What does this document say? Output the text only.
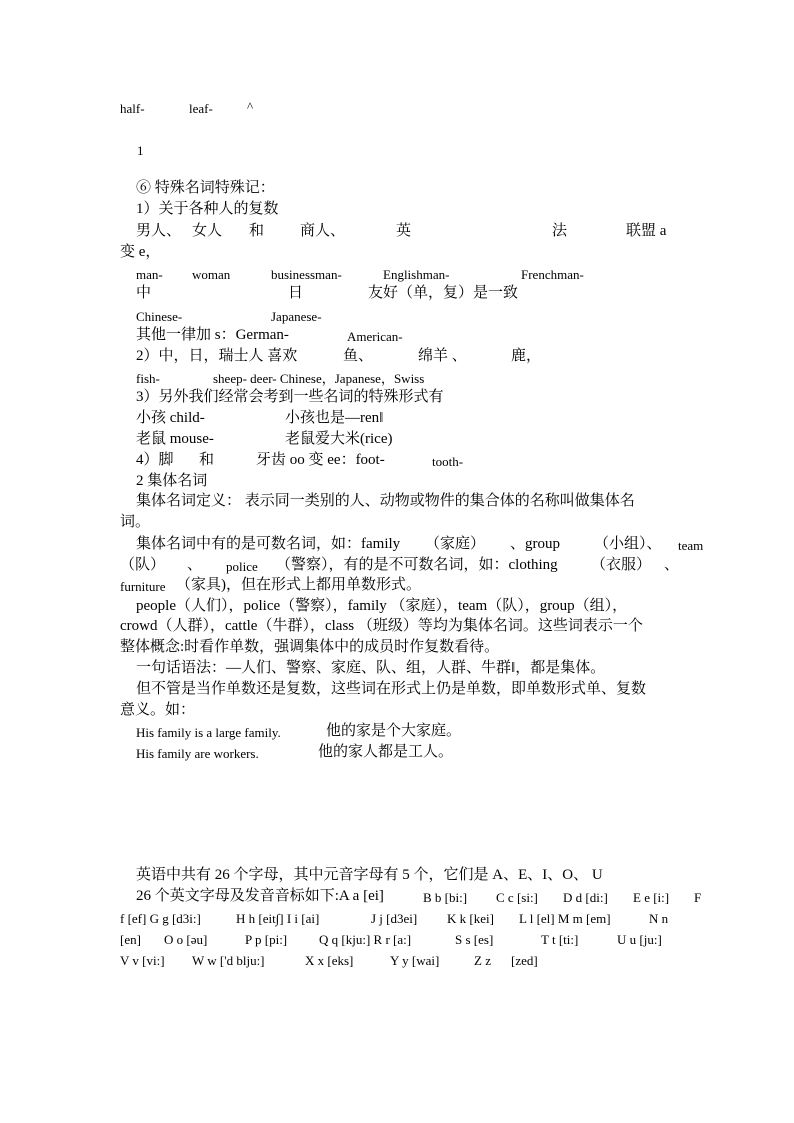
half-	leaf-	^
1
⑥ 特殊名词特殊记：
1）关于各种人的复数
男人、 女人 和 商人、	英	法	联盟 a
变 e，
man- woman	businessman-	Englishman-	Frenchman-
中	日	友好（单，复）是一致
Chinese-	Japanese-
其他一律加 s：German-	American-
2）中，日，瑞士人 喜欢	鱼、	绵羊 、	鹿，
fish-	sheep- deer- Chinese，Japanese，Swiss
3）另外我们经常会考到一些名词的特殊形式有
小孩 child-	小孩也是—ren‖
老鼠 mouse-	老鼠爱大米(rice)
4）脚 和	牙齿 oo 变 ee：foot-	tooth-
2 集体名词
集体名词定义： 表示同一类别的人、动物或物件的集合体的名称叫做集体名
词。
集体名词中有的是可数名词，如：family （家庭） 、group （小组）、 team
（队） 、 police （警察），有的是不可数名词，如：clothing （衣服） 、
furniture （家具)，但在形式上都用单数形式。
people（人们），police（警察），family （家庭），team（队），group（组），
crowd（人群），cattle（牛群），class （班级）等均为集体名词。这些词表示一个
整体概念:时看作单数，强调集体中的成员时作复数看待。
一句话语法：—人们、警察、家庭、队、组，人群、牛群‖，都是集体。
但不管是当作单数还是复数，这些词在形式上仍是单数，即单数形式单、复数
意义。如：
His family is a large family.	他的家是个大家庭。
His family are workers.	他的家人都是工人。
英语中共有 26 个字母，其中元音字母有 5 个，它们是 A、E、I、O、 U
26 个英文字母及发音音标如下:A a [ei]	B b [bi:] C c [si:] D d [di:] E e [i:] F
f [ef] G g [d3i:]	H h [eit∫] I i [ai]	J j [d3ei] K k [kei] L l [el] M m [em]	N n
[en] O o [əu]	P p [pi:] Q q [kju:] R r [a:]	S s [es]	T t [ti:]	U u [ju:]
V v [vi:] W w ['d blju:]	X x [eks]	Y y [wai]	Z z [zed]
